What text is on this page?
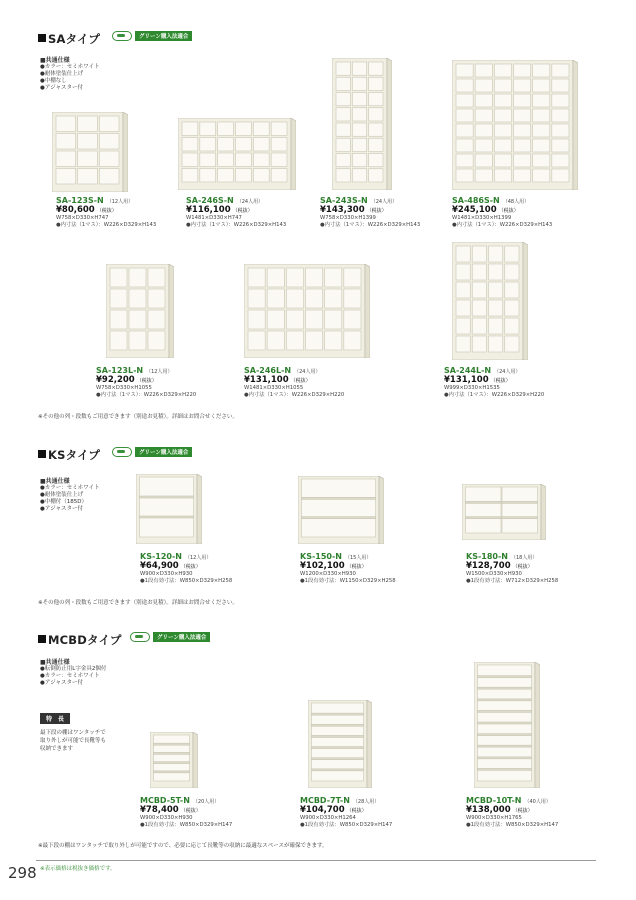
SAタイプ	グリーン購入法適合
■共通仕様
●カラー：セミホワイト
●耐体塗装仕上げ
●中棚なし
●アジャスター付
SA-123S-N （12人用）
¥80,600 （税抜）
W758×D330×H747
●内寸法（1マス）：W226×D329×H143
SA-246S-N （24人用）
¥116,100 （税抜）
W1481×D330×H747
●内寸法（1マス）：W226×D329×H143
SA-243S-N （24人用）
¥143,300 （税抜）
W758×D330×H1399
●内寸法（1マス）：W226×D329×H143
SA-486S-N （48人用）
¥245,100 （税抜）
W1481×D330×H1399
●内寸法（1マス）：W226×D329×H143
SA-123L-N （12人用）
¥92,200 （税抜）
W758×D330×H1055
●内寸法（1マス）：W226×D329×H220
SA-246L-N （24人用）
¥131,100 （税抜）
W1481×D330×H1055
●内寸法（1マス）：W226×D329×H220
SA-244L-N （24人用）
¥131,100 （税抜）
W999×D330×H1535
●内寸法（1マス）：W226×D329×H220
※その他の列・段数もご用意できます（別途お見積）。詳細はお問合せください。
KSタイプ	グリーン購入法適合
■共通仕様
●カラー：セミホワイト
●耐体塗装仕上げ
●中棚付（185D）
●アジャスター付
KS-120-N （12人用）
¥64,900 （税抜）
W900×D330×H930
●1段有効寸法：W850×D329×H258
KS-150-N （15人用）
¥102,100 （税抜）
W1200×D330×H930
●1段有効寸法：W1150×D329×H258
KS-180-N （18人用）
¥128,700 （税抜）
W1500×D330×H930
●1段有効寸法：W712×D329×H258
※その他の列・段数もご用意できます（別途お見積）。詳細はお問合せください。
MCBDタイプ	グリーン購入法適合
■共通仕様
●転倒防止用L字金具2個付
●カラー：セミホワイト
●アジャスター付
特　長
最下段の棚はワンタッチで
取り外しが可能で長靴等も
収納できます
MCBD-5T-N （20人用）
¥78,400 （税抜）
W900×D330×H930
●1段有効寸法：W850×D329×H147
MCBD-7T-N （28人用）
¥104,700 （税抜）
W900×D330×H1264
●1段有効寸法：W850×D329×H147
MCBD-10T-N （40人用）
¥138,000 （税抜）
W900×D330×H1765
●1段有効寸法：W850×D329×H147
※最下段の棚はワンタッチで取り外しが可能ですので、必要に応じて長靴等の収納に最適なスペースが確保できます。
298 ※表示価格は税抜き価格です。
